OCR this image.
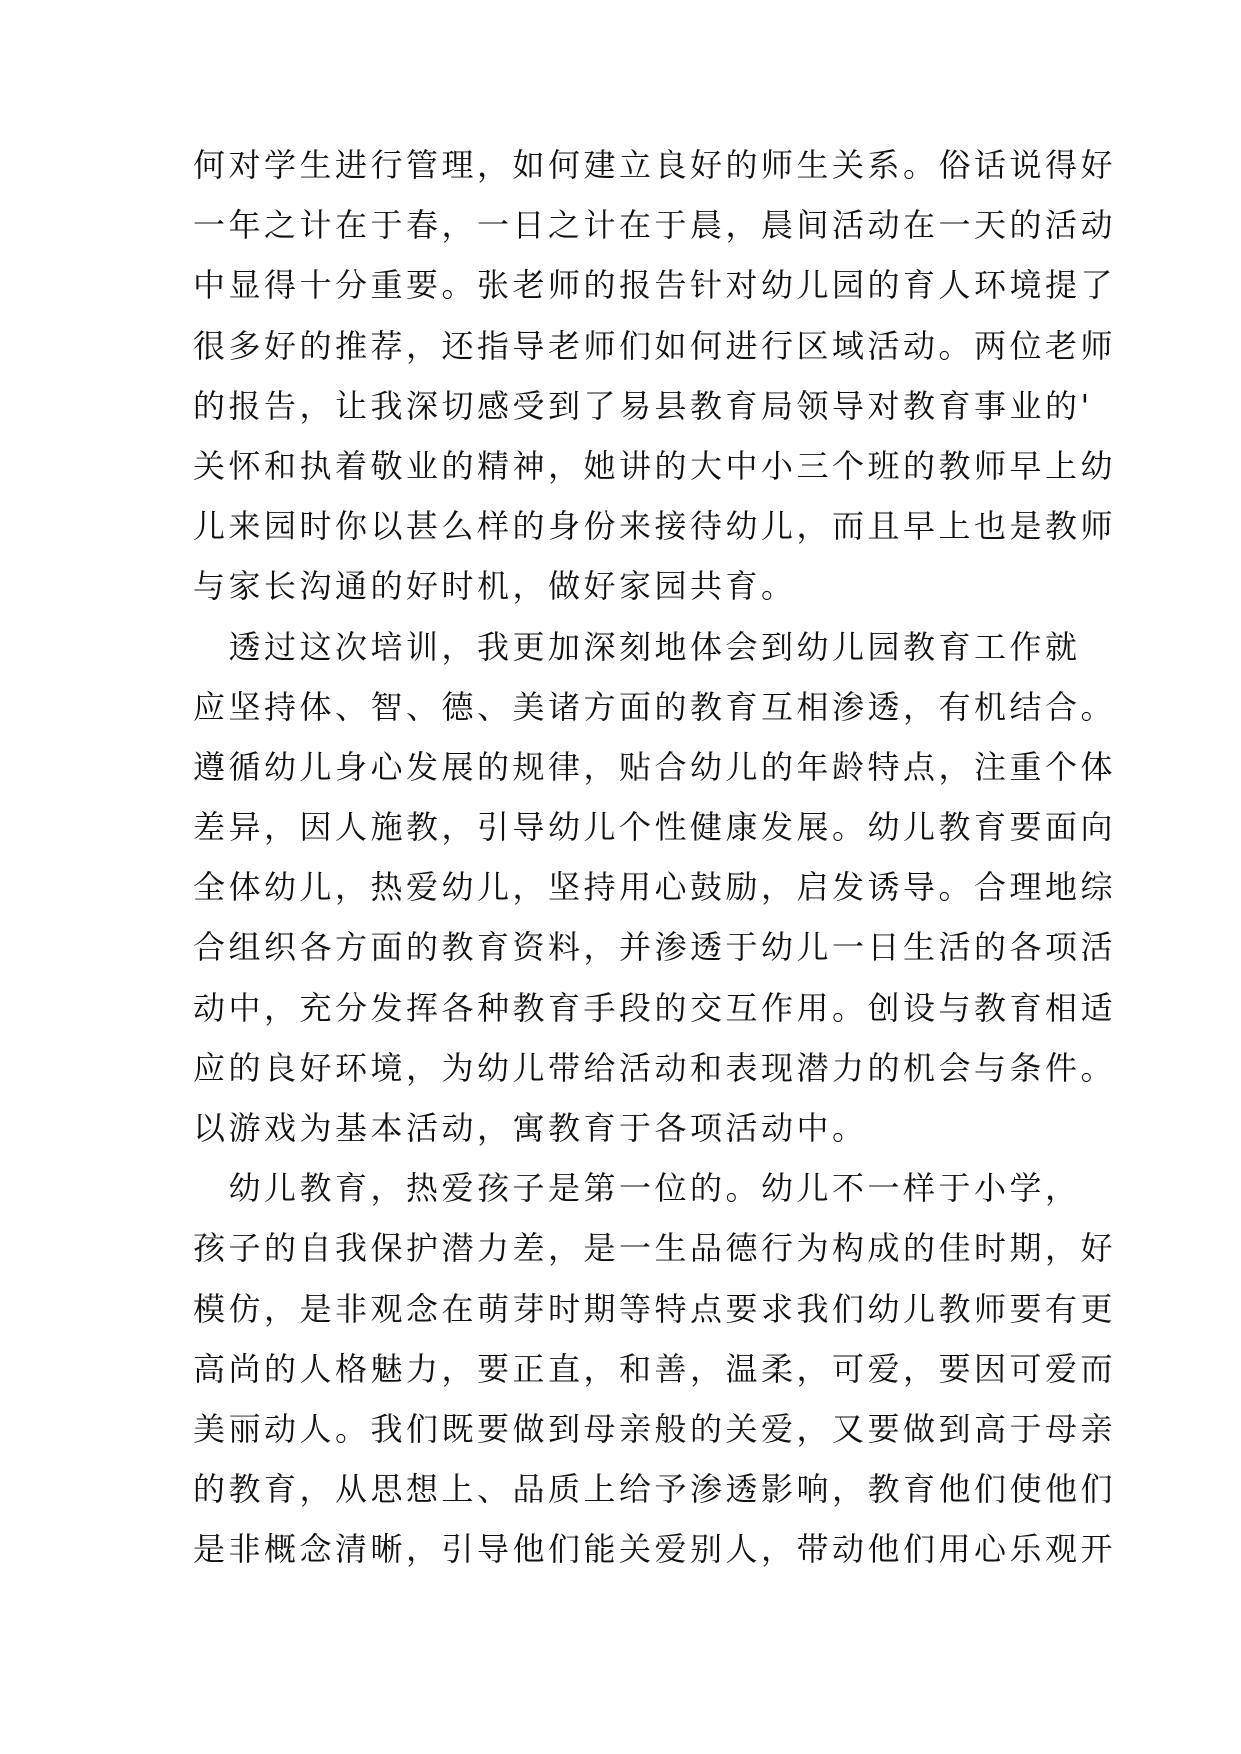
何对学生进行管理，如何建立良好的师生关系。俗话说得好
一年之计在于春，一日之计在于晨，晨间活动在一天的活动
中显得十分重要。张老师的报告针对幼儿园的育人环境提了
很多好的推荐，还指导老师们如何进行区域活动。两位老师
的报告，让我深切感受到了易县教育局领导对教育事业的'
关怀和执着敬业的精神，她讲的大中小三个班的教师早上幼
儿来园时你以甚么样的身份来接待幼儿，而且早上也是教师
与家长沟通的好时机，做好家园共育。
　透过这次培训，我更加深刻地体会到幼儿园教育工作就
应坚持体、智、德、美诸方面的教育互相渗透，有机结合。
遵循幼儿身心发展的规律，贴合幼儿的年龄特点，注重个体
差异，因人施教，引导幼儿个性健康发展。幼儿教育要面向
全体幼儿，热爱幼儿，坚持用心鼓励，启发诱导。合理地综
合组织各方面的教育资料，并渗透于幼儿一日生活的各项活
动中，充分发挥各种教育手段的交互作用。创设与教育相适
应的良好环境，为幼儿带给活动和表现潜力的机会与条件。
以游戏为基本活动，寓教育于各项活动中。
　幼儿教育，热爱孩子是第一位的。幼儿不一样于小学，
孩子的自我保护潜力差，是一生品德行为构成的佳时期，好
模仿，是非观念在萌芽时期等特点要求我们幼儿教师要有更
高尚的人格魅力，要正直，和善，温柔，可爱，要因可爱而
美丽动人。我们既要做到母亲般的关爱，又要做到高于母亲
的教育，从思想上、品质上给予渗透影响，教育他们使他们
是非概念清晰，引导他们能关爱别人，带动他们用心乐观开
